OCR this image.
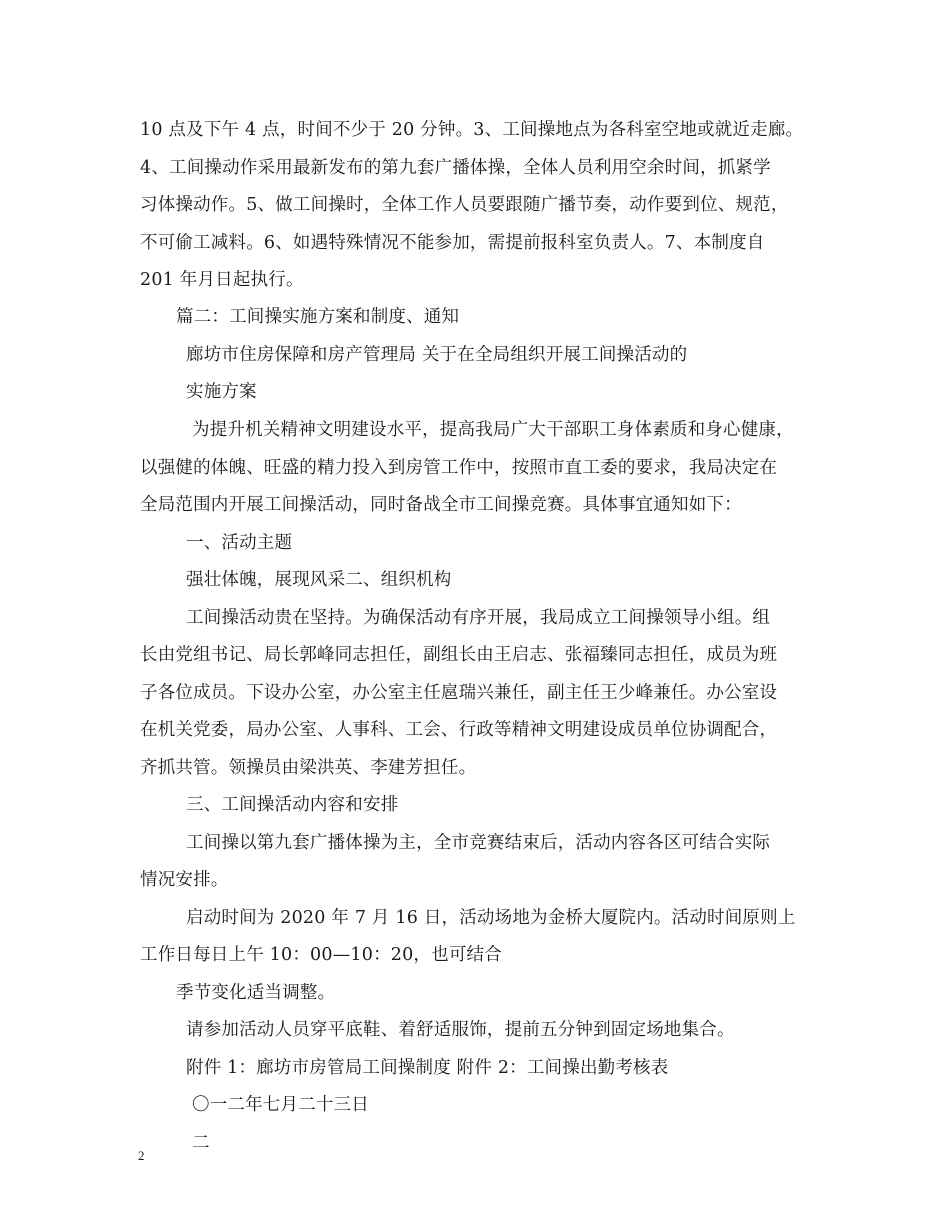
10 点及下午 4 点，时间不少于 20 分钟。3、工间操地点为各科室空地或就近走廊。
4、工间操动作采用最新发布的第九套广播体操，全体人员利用空余时间，抓紧学
习体操动作。5、做工间操时，全体工作人员要跟随广播节奏，动作要到位、规范，
不可偷工减料。6、如遇特殊情况不能参加，需提前报科室负责人。7、本制度自
201 年月日起执行。
篇二：工间操实施方案和制度、通知
廊坊市住房保障和房产管理局 关于在全局组织开展工间操活动的
实施方案
为提升机关精神文明建设水平，提高我局广大干部职工身体素质和身心健康，
以强健的体魄、旺盛的精力投入到房管工作中，按照市直工委的要求，我局决定在
全局范围内开展工间操活动，同时备战全市工间操竞赛。具体事宜通知如下：
一、活动主题
强壮体魄，展现风采二、组织机构
工间操活动贵在坚持。为确保活动有序开展，我局成立工间操领导小组。组
长由党组书记、局长郭峰同志担任，副组长由王启志、张福臻同志担任，成员为班
子各位成员。下设办公室，办公室主任扈瑞兴兼任，副主任王少峰兼任。办公室设
在机关党委，局办公室、人事科、工会、行政等精神文明建设成员单位协调配合，
齐抓共管。领操员由梁洪英、李建芳担任。
三、工间操活动内容和安排
工间操以第九套广播体操为主，全市竞赛结束后，活动内容各区可结合实际
情况安排。
启动时间为 2020 年 7 月 16 日，活动场地为金桥大厦院内。活动时间原则上
工作日每日上午 10：00—10：20，也可结合
季节变化适当调整。
请参加活动人员穿平底鞋、着舒适服饰，提前五分钟到固定场地集合。
附件 1：廊坊市房管局工间操制度 附件 2：工间操出勤考核表
〇一二年七月二十三日
二
2
